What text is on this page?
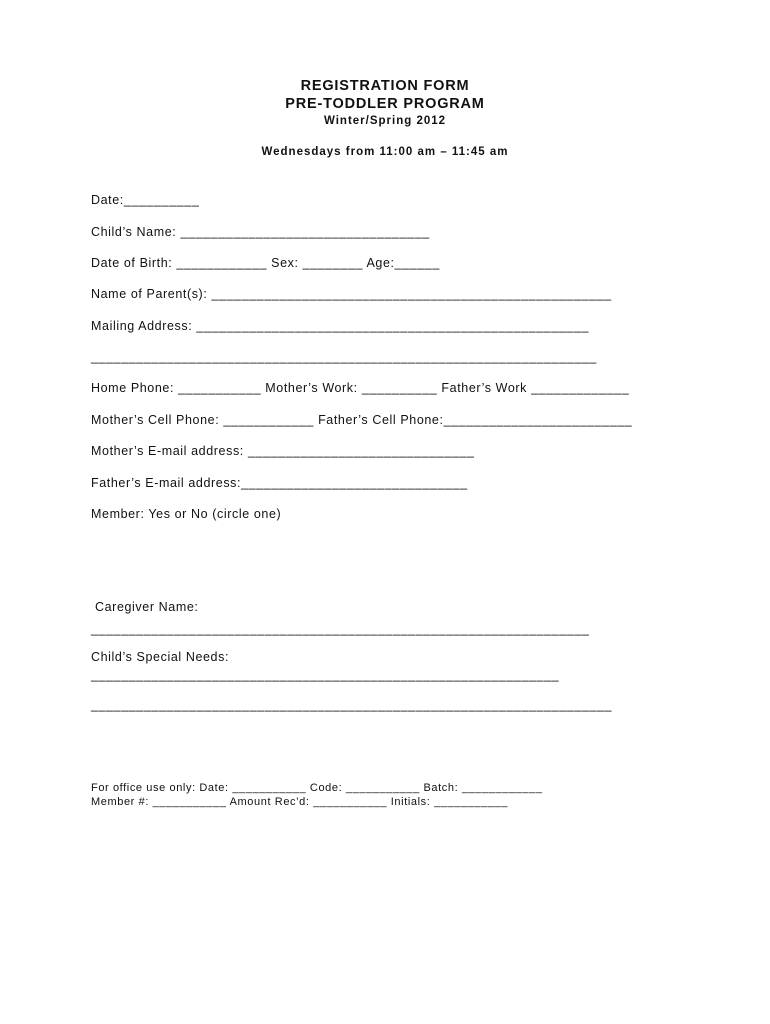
REGISTRATION FORM
PRE-TODDLER PROGRAM
Winter/Spring 2012
Wednesdays from 11:00 am – 11:45 am
Date:__________
Child’s Name: _________________________________
Date of Birth: ____________ Sex: ________ Age:______
Name of Parent(s): _____________________________________________________
Mailing Address: ____________________________________________________
___________________________________________________________________
Home Phone: ___________ Mother’s Work: __________ Father’s Work _____________
Mother’s Cell Phone: ____________ Father’s Cell Phone:_________________________
Mother’s E-mail address: ______________________________
Father’s E-mail address:______________________________
Member: Yes or No (circle one)
Caregiver Name:
__________________________________________________________________
Child’s Special Needs:
______________________________________________________________
_____________________________________________________________________
For office use only: Date: ___________ Code: ___________ Batch: ____________
Member #: ___________ Amount Rec’d: ___________ Initials: ___________
